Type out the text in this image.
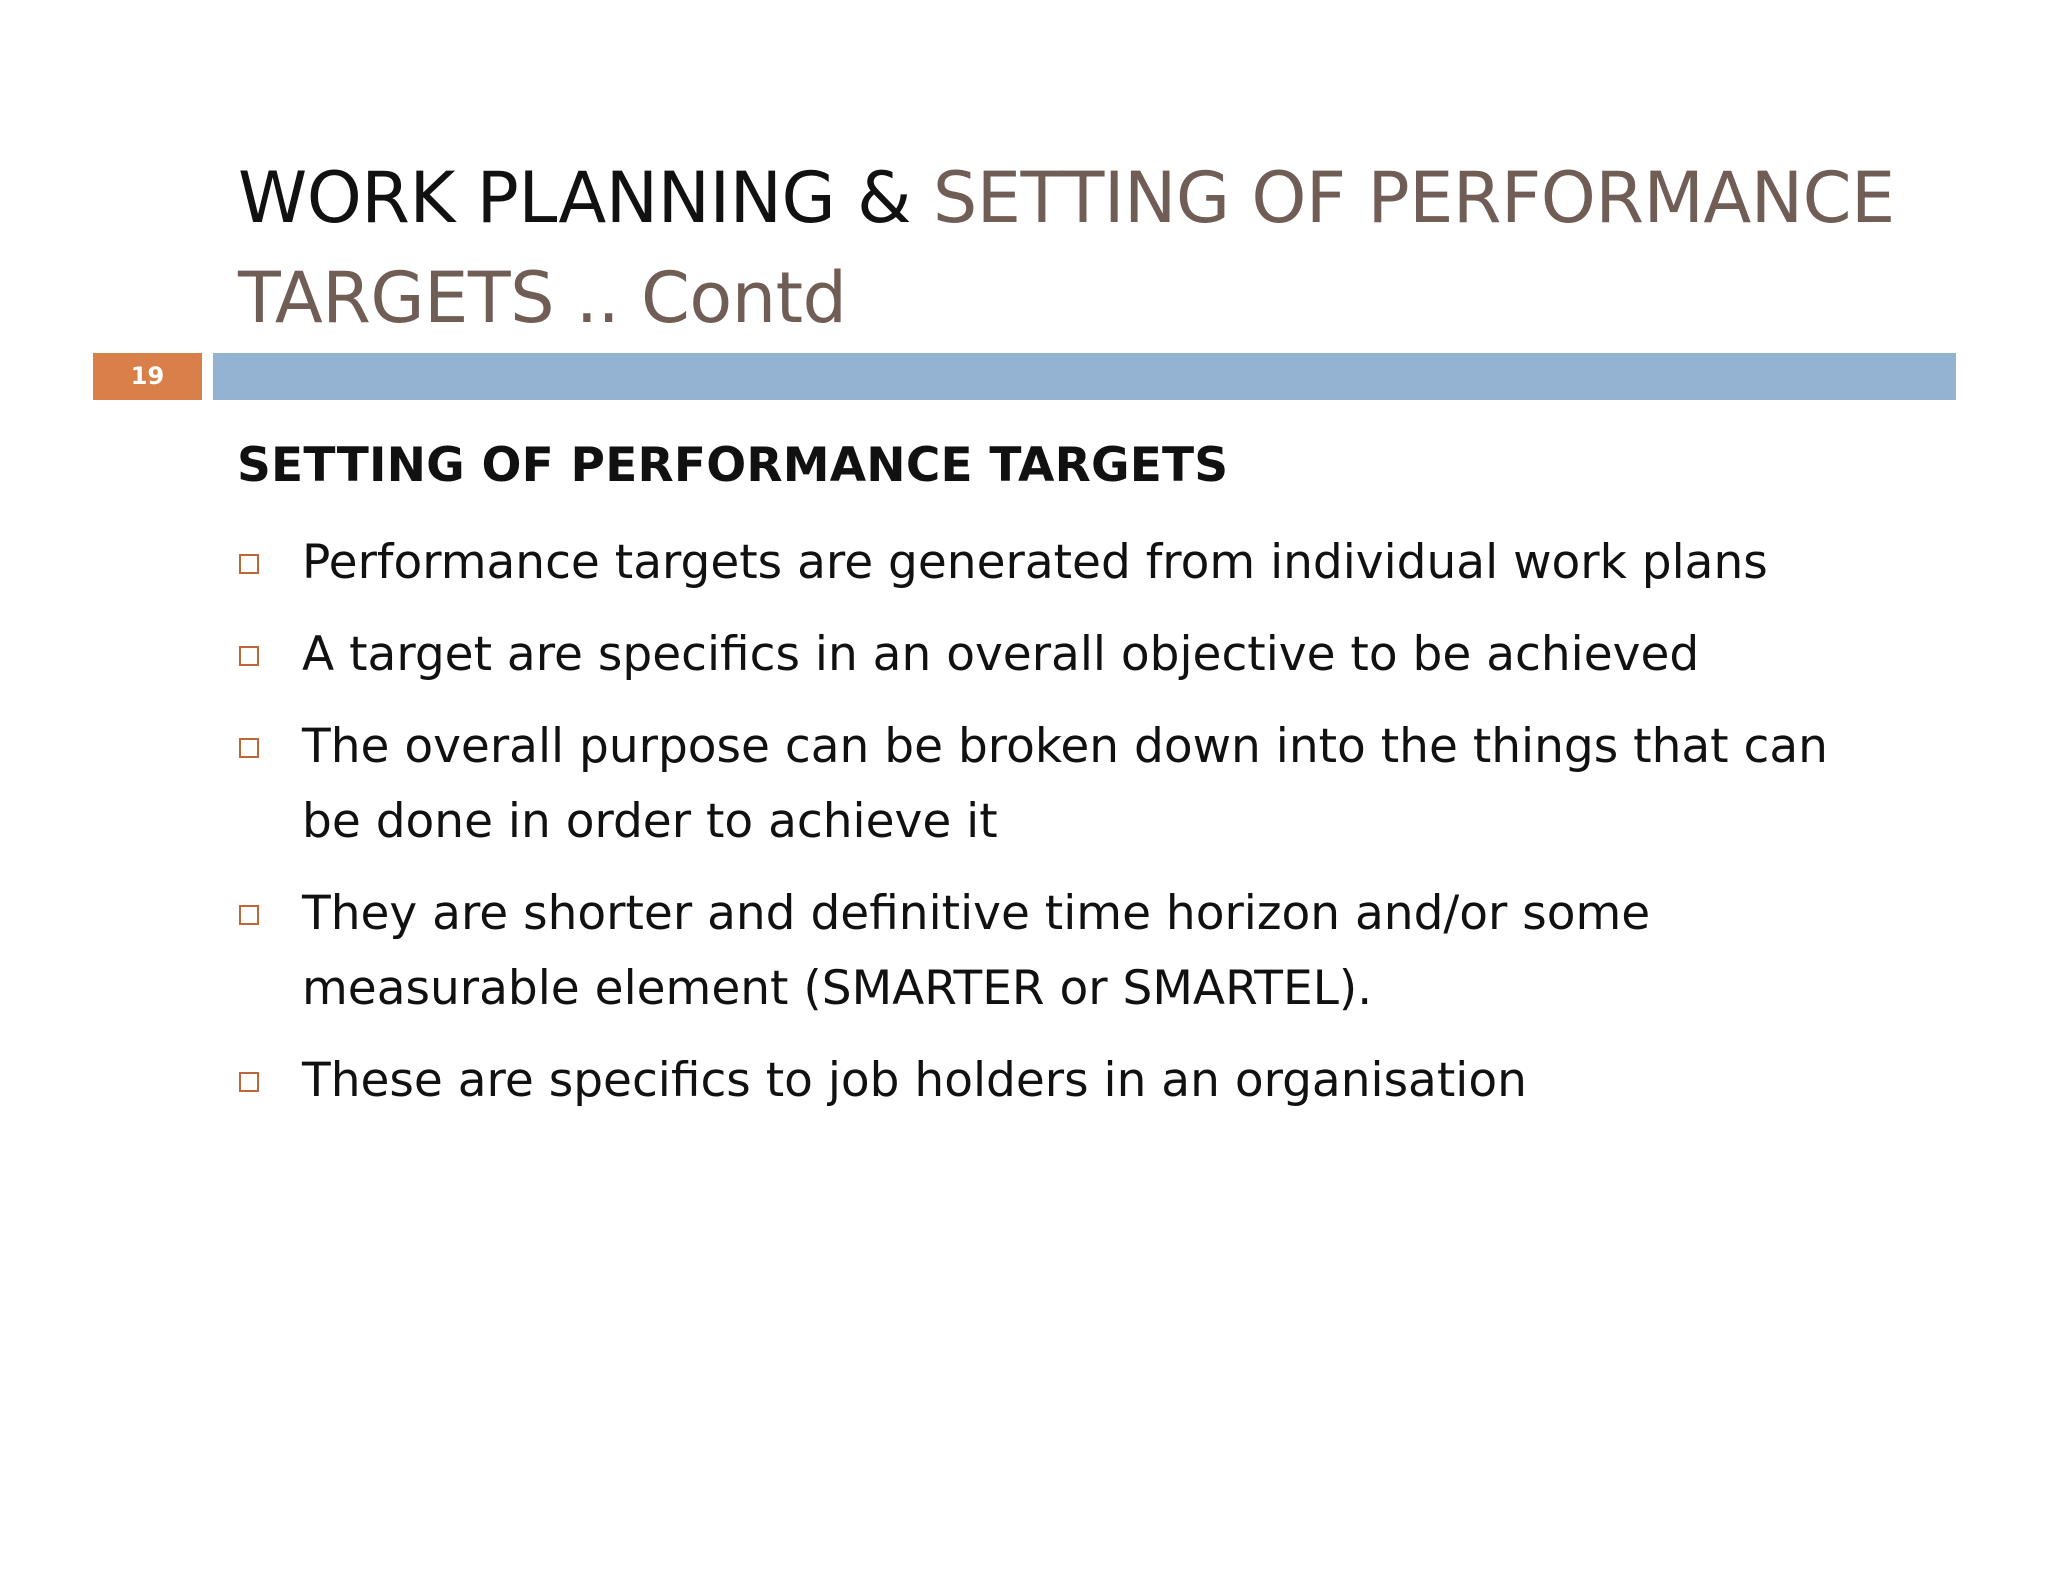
WORK PLANNING & SETTING OF PERFORMANCE TARGETS .. Contd
19
SETTING OF PERFORMANCE TARGETS
Performance targets are generated from individual work plans
A target are specifics in an overall objective to be achieved
The overall purpose can be broken down into the things that can be done in order to achieve it
They are shorter and definitive time horizon and/or some measurable element (SMARTER or SMARTEL).
These are specifics to job holders in an organisation
